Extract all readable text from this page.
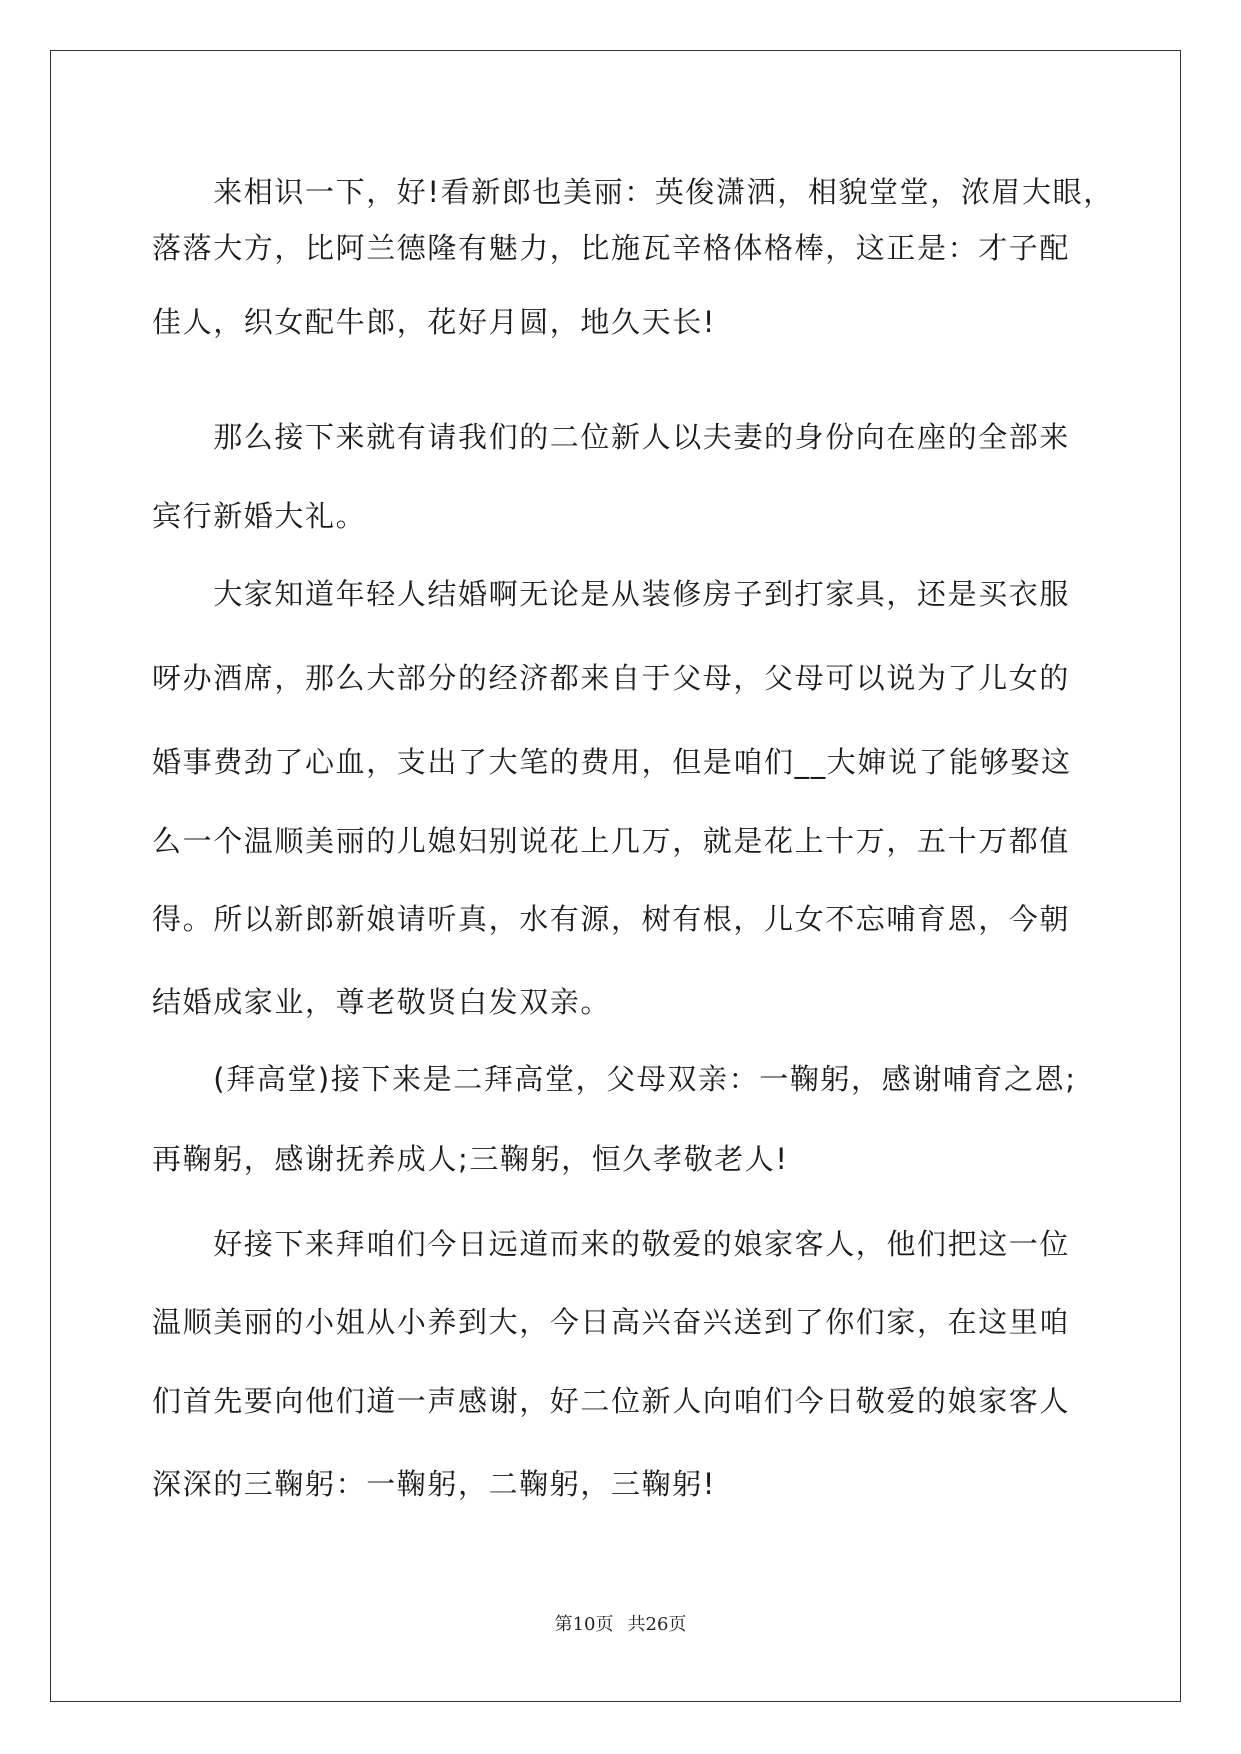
　　来相识一下，好!看新郎也美丽：英俊潇洒，相貌堂堂，浓眉大眼，
落落大方，比阿兰德隆有魅力，比施瓦辛格体格棒，这正是：才子配
佳人，织女配牛郎，花好月圆，地久天长!
　　那么接下来就有请我们的二位新人以夫妻的身份向在座的全部来
宾行新婚大礼。
　　大家知道年轻人结婚啊无论是从装修房子到打家具，还是买衣服
呀办酒席，那么大部分的经济都来自于父母，父母可以说为了儿女的
婚事费劲了心血，支出了大笔的费用，但是咱们__大婶说了能够娶这
么一个温顺美丽的儿媳妇别说花上几万，就是花上十万，五十万都值
得。所以新郎新娘请听真，水有源，树有根，儿女不忘哺育恩，今朝
结婚成家业，尊老敬贤白发双亲。
　　(拜高堂)接下来是二拜高堂，父母双亲：一鞠躬，感谢哺育之恩;
再鞠躬，感谢抚养成人;三鞠躬，恒久孝敬老人!
　　好接下来拜咱们今日远道而来的敬爱的娘家客人，他们把这一位
温顺美丽的小姐从小养到大，今日高兴奋兴送到了你们家，在这里咱
们首先要向他们道一声感谢，好二位新人向咱们今日敬爱的娘家客人
深深的三鞠躬：一鞠躬，二鞠躬，三鞠躬!
第10页 共26页
